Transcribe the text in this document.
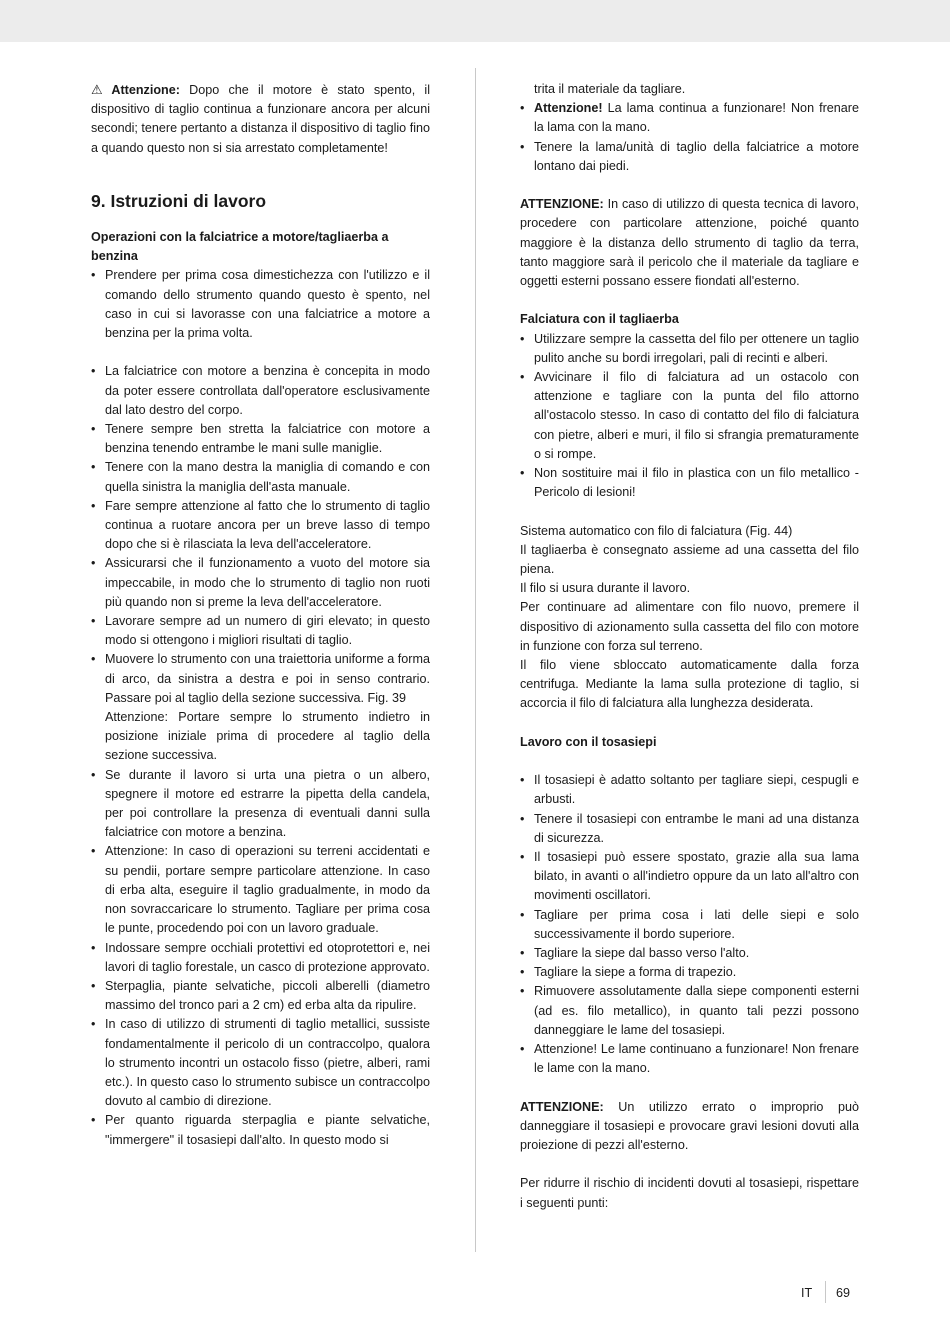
⚠ Attenzione: Dopo che il motore è stato spento, il dispositivo di taglio continua a funzionare ancora per alcuni secondi; tenere pertanto a distanza il dispositivo di taglio fino a quando questo non si sia arrestato completamente!

9. Istruzioni di lavoro

Operazioni con la falciatrice a motore/tagliaerba a benzina

• Prendere per prima cosa dimestichezza con l'utilizzo e il comando dello strumento quando questo è spento, nel caso in cui si lavorasse con una falciatrice a motore a benzina per la prima volta.
• La falciatrice con motore a benzina è concepita in modo da poter essere controllata dall'operatore esclusivamente dal lato destro del corpo.
• Tenere sempre ben stretta la falciatrice con motore a benzina tenendo entrambe le mani sulle maniglie.
• Tenere con la mano destra la maniglia di comando e con quella sinistra la maniglia dell'asta manuale.
• Fare sempre attenzione al fatto che lo strumento di taglio continua a ruotare ancora per un breve lasso di tempo dopo che si è rilasciata la leva dell'acceleratore.
• Assicurarsi che il funzionamento a vuoto del motore sia impeccabile, in modo che lo strumento di taglio non ruoti più quando non si preme la leva dell'acceleratore.
• Lavorare sempre ad un numero di giri elevato; in questo modo si ottengono i migliori risultati di taglio.
• Muovere lo strumento con una traiettoria uniforme a forma di arco, da sinistra a destra e poi in senso contrario. Passare poi al taglio della sezione successiva. Fig. 39
Attenzione: Portare sempre lo strumento indietro in posizione iniziale prima di procedere al taglio della sezione successiva.
• Se durante il lavoro si urta una pietra o un albero, spegnere il motore ed estrarre la pipetta della candela, per poi controllare la presenza di eventuali danni sulla falciatrice con motore a benzina.
• Attenzione: In caso di operazioni su terreni accidentati e su pendii, portare sempre particolare attenzione. In caso di erba alta, eseguire il taglio gradualmente, in modo da non sovraccaricare lo strumento. Tagliare per prima cosa le punte, procedendo poi con un lavoro graduale.
• Indossare sempre occhiali protettivi ed otoprotettori e, nei lavori di taglio forestale, un casco di protezione approvato.
• Sterpaglia, piante selvatiche, piccoli alberelli (diametro massimo del tronco pari a 2 cm) ed erba alta da ripulire.
• In caso di utilizzo di strumenti di taglio metallici, sussiste fondamentalmente il pericolo di un contraccolpo, qualora lo strumento incontri un ostacolo fisso (pietre, alberi, rami etc.). In questo caso lo strumento subisce un contraccolpo dovuto al cambio di direzione.
• Per quanto riguarda sterpaglia e piante selvatiche, "immergere" il tosasiepi dall'alto. In questo modo si

trita il materiale da tagliare.

• Attenzione! La lama continua a funzionare! Non frenare la lama con la mano.
• Tenere la lama/unità di taglio della falciatrice a motore lontano dai piedi.

ATTENZIONE: In caso di utilizzo di questa tecnica di lavoro, procedere con particolare attenzione, poiché quanto maggiore è la distanza dello strumento di taglio da terra, tanto maggiore sarà il pericolo che il materiale da tagliare e oggetti esterni possano essere fiondati all'esterno.

Falciatura con il tagliaerba

• Utilizzare sempre la cassetta del filo per ottenere un taglio pulito anche su bordi irregolari, pali di recinti e alberi.
• Avvicinare il filo di falciatura ad un ostacolo con attenzione e tagliare con la punta del filo attorno all'ostacolo stesso. In caso di contatto del filo di falciatura con pietre, alberi e muri, il filo si sfrangia prematuramente o si rompe.
• Non sostituire mai il filo in plastica con un filo metallico - Pericolo di lesioni!

Sistema automatico con filo di falciatura (Fig. 44)

Il tagliaerba è consegnato assieme ad una cassetta del filo piena.

Il filo si usura durante il lavoro.

Per continuare ad alimentare con filo nuovo, premere il dispositivo di azionamento sulla cassetta del filo con motore in funzione con forza sul terreno.

Il filo viene sbloccato automaticamente dalla forza centrifuga. Mediante la lama sulla protezione di taglio, si accorcia il filo di falciatura alla lunghezza desiderata.

Lavoro con il tosasiepi

• Il tosasiepi è adatto soltanto per tagliare siepi, cespugli e arbusti.
• Tenere il tosasiepi con entrambe le mani ad una distanza di sicurezza.
• Il tosasiepi può essere spostato, grazie alla sua lama bilato, in avanti o all'indietro oppure da un lato all'altro con movimenti oscillatori.
• Tagliare per prima cosa i lati delle siepi e solo successivamente il bordo superiore.
• Tagliare la siepe dal basso verso l'alto.
• Tagliare la siepe a forma di trapezio.
• Rimuovere assolutamente dalla siepe componenti esterni (ad es. filo metallico), in quanto tali pezzi possono danneggiare le lame del tosasiepi.
• Attenzione! Le lame continuano a funzionare! Non frenare le lame con la mano.

ATTENZIONE: Un utilizzo errato o improprio può danneggiare il tosasiepi e provocare gravi lesioni dovuti alla proiezione di pezzi all'esterno.

Per ridurre il rischio di incidenti dovuti al tosasiepi, rispettare i seguenti punti:

IT 69
